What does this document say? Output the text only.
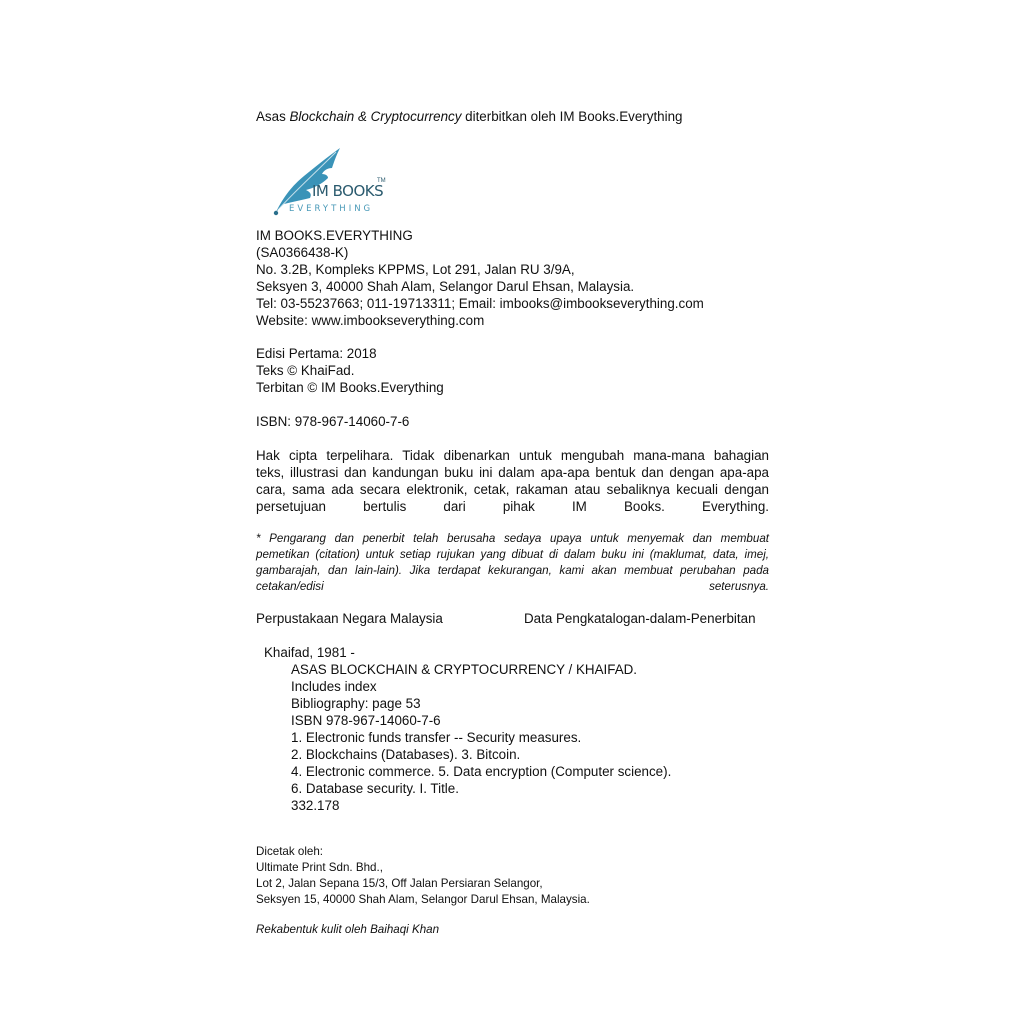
Asas Blockchain & Cryptocurrency diterbitkan oleh IM Books.Everything
IM BOOKS
TM
EVERYTHING
IM BOOKS.EVERYTHING
(SA0366438-K)
No. 3.2B, Kompleks KPPMS, Lot 291, Jalan RU 3/9A,
Seksyen 3, 40000 Shah Alam, Selangor Darul Ehsan, Malaysia.
Tel: 03-55237663; 011-19713311; Email: imbooks@imbookseverything.com
Website: www.imbookseverything.com
Edisi Pertama: 2018
Teks © KhaiFad.
Terbitan © IM Books.Everything
ISBN: 978-967-14060-7-6
Hak cipta terpelihara. Tidak dibenarkan untuk mengubah mana-mana bahagian
teks, illustrasi dan kandungan buku ini dalam apa-apa bentuk dan dengan apa-apa
cara, sama ada secara elektronik, cetak, rakaman atau sebaliknya kecuali dengan
persetujuan bertulis dari pihak IM Books. Everything.
* Pengarang dan penerbit telah berusaha sedaya upaya untuk menyemak dan membuat
pemetikan (citation) untuk setiap rujukan yang dibuat di dalam buku ini (maklumat, data, imej,
gambarajah, dan lain-lain). Jika terdapat kekurangan, kami akan membuat perubahan pada
cetakan/edisi seterusnya.
Perpustakaan Negara Malaysia	Data Pengkatalogan-dalam-Penerbitan
Khaifad, 1981 -
ASAS BLOCKCHAIN & CRYPTOCURRENCY / KHAIFAD.
Includes index
Bibliography: page 53
ISBN 978-967-14060-7-6
1. Electronic funds transfer -- Security measures.
2. Blockchains (Databases). 3. Bitcoin.
4. Electronic commerce. 5. Data encryption (Computer science).
6. Database security. I. Title.
332.178
Dicetak oleh:
Ultimate Print Sdn. Bhd.,
Lot 2, Jalan Sepana 15/3, Off Jalan Persiaran Selangor,
Seksyen 15, 40000 Shah Alam, Selangor Darul Ehsan, Malaysia.
Rekabentuk kulit oleh Baihaqi Khan
